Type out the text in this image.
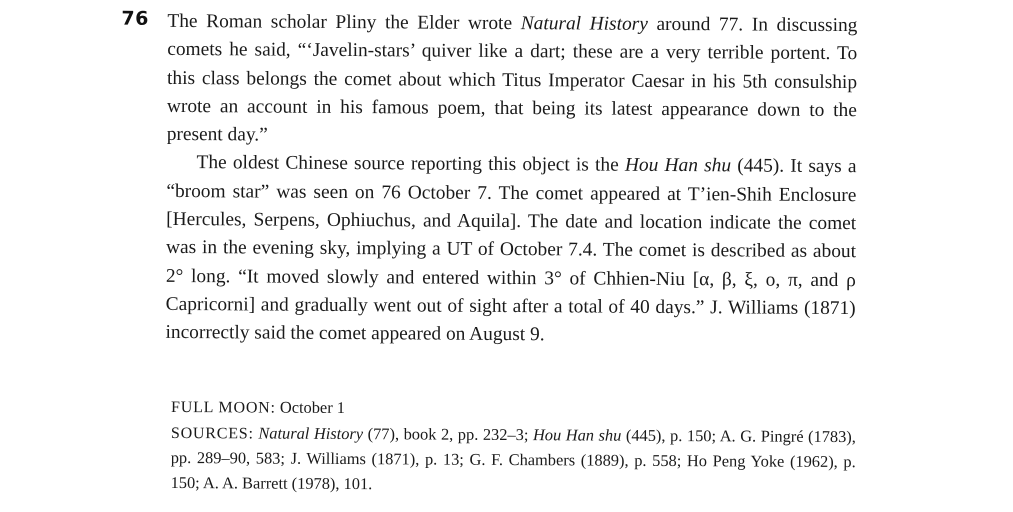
76 The Roman scholar Pliny the Elder wrote Natural History around 77. In discussing comets he said, “‘Javelin-stars’ quiver like a dart; these are a very terrible portent. To this class belongs the comet about which Titus Imperator Caesar in his 5th consulship wrote an account in his famous poem, that being its latest appearance down to the present day.”

The oldest Chinese source reporting this object is the Hou Han shu (445). It says a “broom star” was seen on 76 October 7. The comet appeared at T’ien-Shih Enclosure [Hercules, Serpens, Ophiuchus, and Aquila]. The date and location indicate the comet was in the evening sky, implying a UT of October 7.4. The comet is described as about 2° long. “It moved slowly and entered within 3° of Chhien-Niu [α, β, ξ, o, π, and ρ Capricorni] and gradually went out of sight after a total of 40 days.” J. Williams (1871) incorrectly said the comet appeared on August 9.

FULL MOON: October 1

SOURCES: Natural History (77), book 2, pp. 232–3; Hou Han shu (445), p. 150; A. G. Pingré (1783), pp. 289–90, 583; J. Williams (1871), p. 13; G. F. Chambers (1889), p. 558; Ho Peng Yoke (1962), p. 150; A. A. Barrett (1978), 101.
